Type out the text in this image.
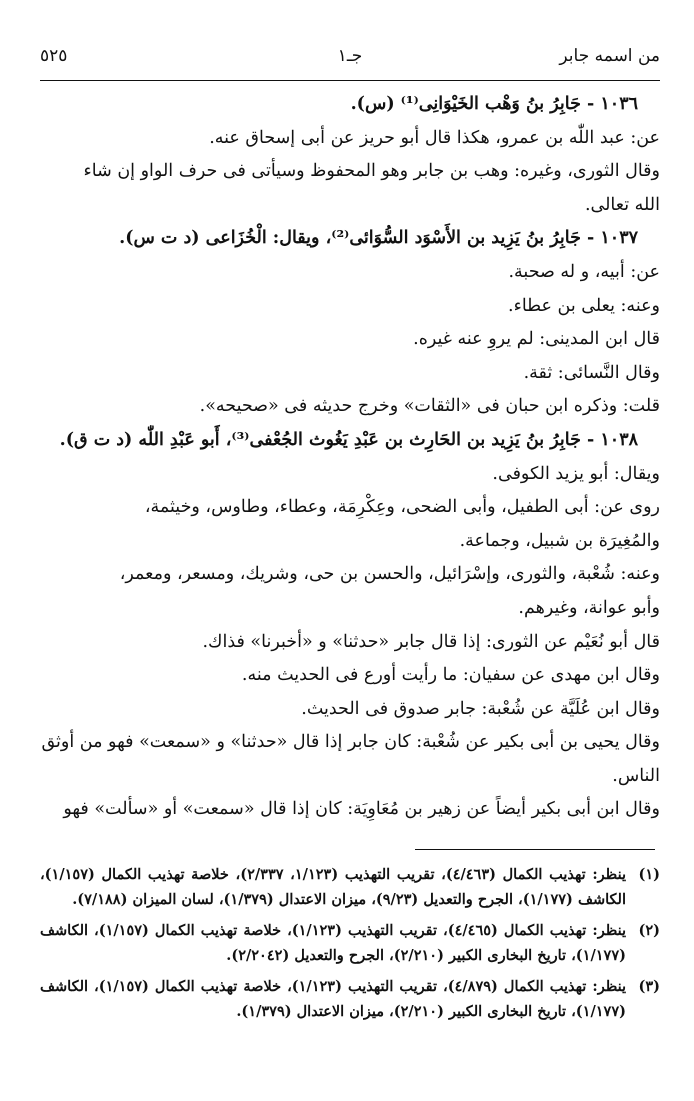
من اسمه جابر
جـ١
٥٢٥

١٠٣٦ - جَابِرُ بنُ وَهْب الخَيْوَانِى⁽¹⁾ (س).

عن: عبد اللّٰه بن عمرو، هكذا قال أبو حريز عن أبى إسحاق عنه.

وقال الثورى، وغيره: وهب بن جابر وهو المحفوظ وسيأتى فى حرف الواو إن شاء

الله تعالى.

١٠٣٧ - جَابِرُ بنُ يَزِيد بن الأَسْوَد السُّوَائى⁽²⁾، ويقال: الْخُزَاعى (د ت س).

عن: أبيه، و له صحبة.

وعنه: يعلى بن عطاء.

قال ابن المدينى: لم يروِ عنه غيره.

وقال النَّسائى: ثقة.

قلت: وذكره ابن حبان فى «الثقات» وخرج حديثه فى «صحيحه».

١٠٣٨ - جَابِرُ بنُ يَزِيد بن الحَارِث بن عَبْدِ يَغُوث الجُعْفى⁽³⁾، أَبو عَبْدِ اللّٰه (د ت ق).

ويقال: أبو يزيد الكوفى.

روى عن: أبى الطفيل، وأبى الضحى، وعِكْرِمَة، وعطاء، وطاوس، وخيثمة،

والمُغِيرَة بن شبيل، وجماعة.

وعنه: شُعْبة، والثورى، وإسْرَائيل، والحسن بن حى، وشريك، ومسعر، ومعمر،

وأبو عوانة، وغيرهم.

قال أبو نُعَيْم عن الثورى: إذا قال جابر «حدثنا» و «أخبرنا» فذاك.

وقال ابن مهدى عن سفيان: ما رأيت أورع فى الحديث منه.

وقال ابن عُلَيَّة عن شُعْبة: جابر صدوق فى الحديث.

وقال يحيى بن أبى بكير عن شُعْبة: كان جابر إذا قال «حدثنا» و «سمعت» فهو من أوثق

الناس.

وقال ابن أبى بكير أيضاً عن زهير بن مُعَاوِيَة: كان إذا قال «سمعت» أو «سألت» فهو

(١)
ينظر: تهذيب الكمال (٤/٤٦٣)، تقريب التهذيب (١/١٢٣، ٢/٣٣٧)، خلاصة تهذيب الكمال (١/١٥٧)، الكاشف (١/١٧٧)، الجرح والتعديل (٩/٢٣)، ميزان الاعتدال (١/٣٧٩)، لسان الميزان (٧/١٨٨).
(٢)
ينظر: تهذيب الكمال (٤/٤٦٥)، تقريب التهذيب (١/١٢٣)، خلاصة تهذيب الكمال (١/١٥٧)، الكاشف (١/١٧٧)، تاريخ البخارى الكبير (٢/٢١٠)، الجرح والتعديل (٢/٢٠٤٢).
(٣)
ينظر: تهذيب الكمال (٤/٨٧٩)، تقريب التهذيب (١/١٢٣)، خلاصة تهذيب الكمال (١/١٥٧)، الكاشف (١/١٧٧)، تاريخ البخارى الكبير (٢/٢١٠)، ميزان الاعتدال (١/٣٧٩).
